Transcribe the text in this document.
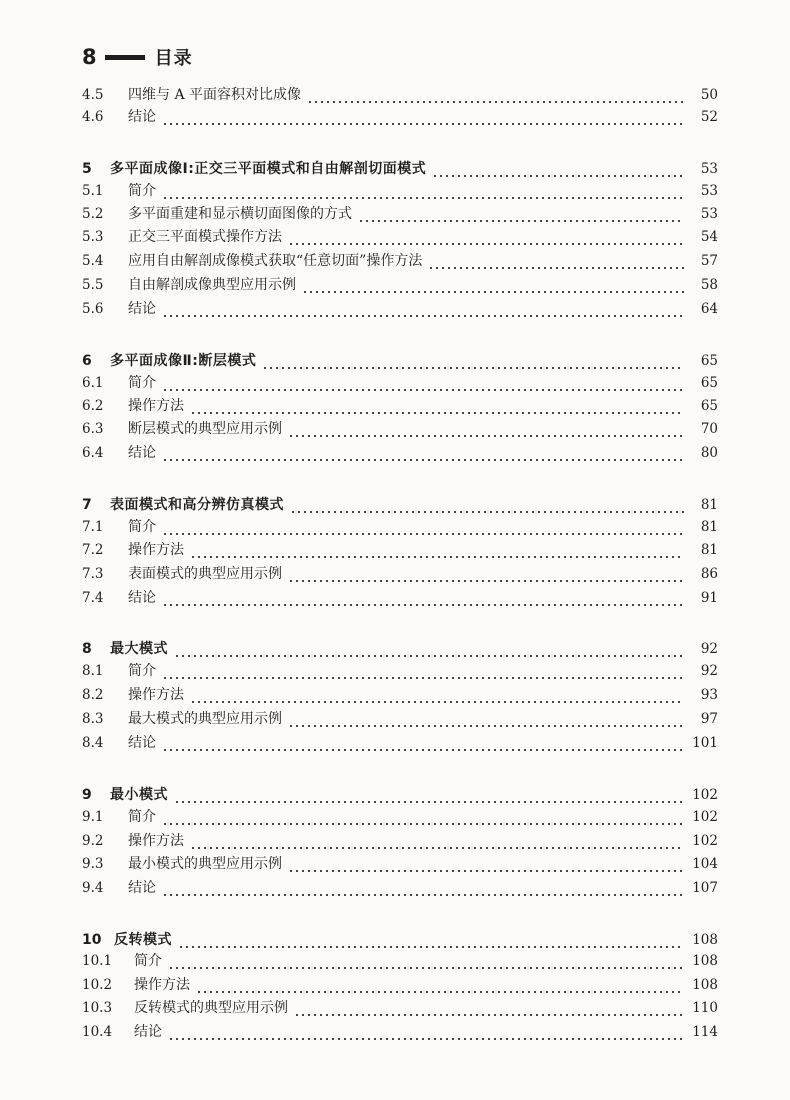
8	目录
4.5	四维与 A 平面容积对比成像	50
4.6	结论	52
5	多平面成像Ⅰ:正交三平面模式和自由解剖切面模式	53
5.1	简介	53
5.2	多平面重建和显示横切面图像的方式	53
5.3	正交三平面模式操作方法	54
5.4	应用自由解剖成像模式获取“任意切面”操作方法	57
5.5	自由解剖成像典型应用示例	58
5.6	结论	64
6	多平面成像Ⅱ:断层模式	65
6.1	简介	65
6.2	操作方法	65
6.3	断层模式的典型应用示例	70
6.4	结论	80
7	表面模式和高分辨仿真模式	81
7.1	简介	81
7.2	操作方法	81
7.3	表面模式的典型应用示例	86
7.4	结论	91
8	最大模式	92
8.1	简介	92
8.2	操作方法	93
8.3	最大模式的典型应用示例	97
8.4	结论	101
9	最小模式	102
9.1	简介	102
9.2	操作方法	102
9.3	最小模式的典型应用示例	104
9.4	结论	107
10 反转模式	108
10.1	简介	108
10.2	操作方法	108
10.3	反转模式的典型应用示例	110
10.4	结论	114
